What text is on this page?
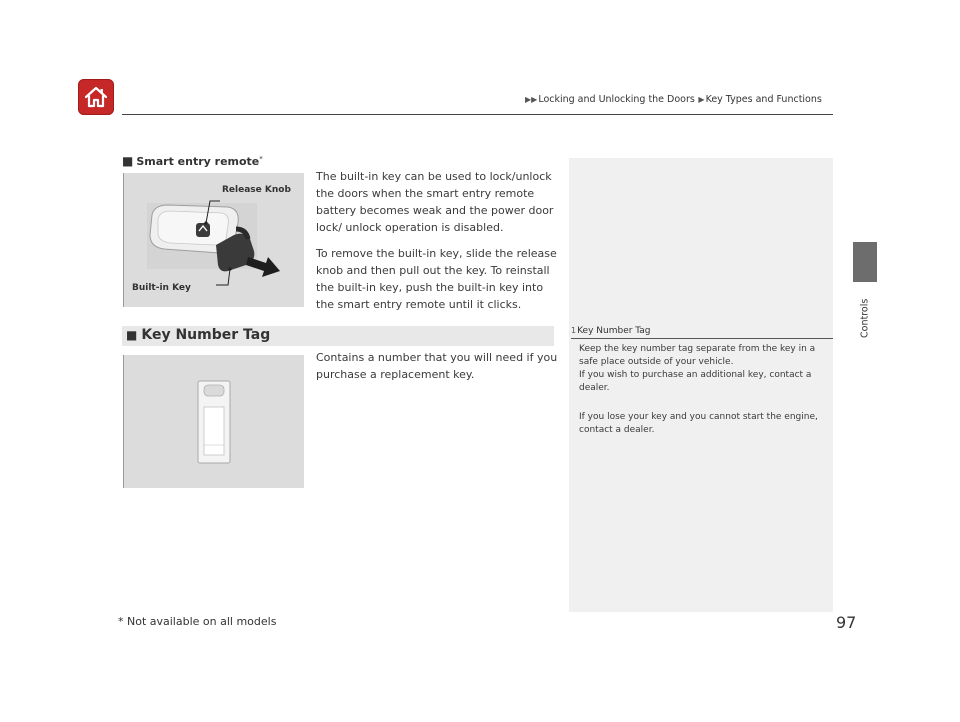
▶▶Locking and Unlocking the Doors ▶Key Types and Functions
Controls
■ Smart entry remote*
Release Knob
Built-in Key
The built-in key can be used to lock/unlock the doors when the smart entry remote battery becomes weak and the power door lock/ unlock operation is disabled.
To remove the built-in key, slide the release knob and then pull out the key. To reinstall the built-in key, push the built-in key into the smart entry remote until it clicks.
■ Key Number Tag
Contains a number that you will need if you purchase a replacement key.
1Key Number Tag
Keep the key number tag separate from the key in a safe place outside of your vehicle.
If you wish to purchase an additional key, contact a dealer.
If you lose your key and you cannot start the engine, contact a dealer.
* Not available on all models	97
